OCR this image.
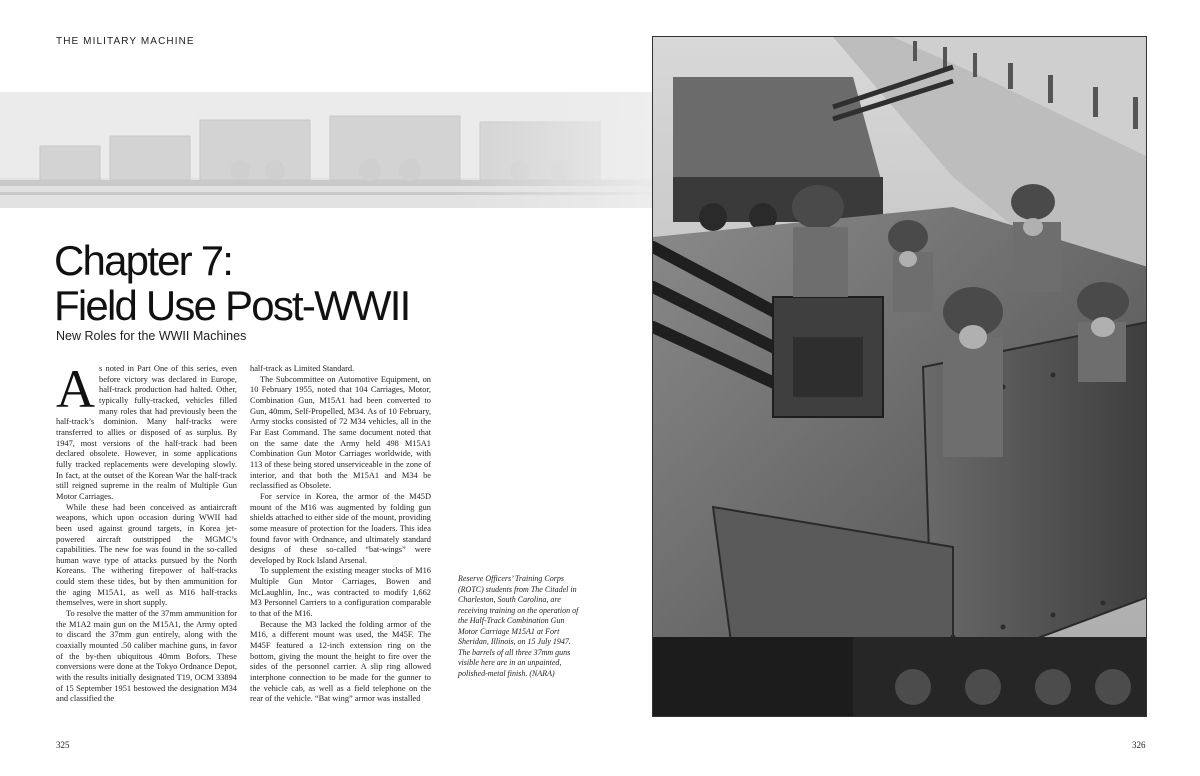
THE MILITARY MACHINE
Chapter 7:
Field Use Post-WWII
New Roles for the WWII Machines

As noted in Part One of this series, even before victory was declared in Europe, half-track production had halted. Other, typically fully-tracked, vehicles filled many roles that had previously been the half-track’s dominion. Many half-tracks were transferred to allies or disposed of as surplus. By 1947, most versions of the half-track had been declared obsolete. However, in some applications fully tracked replacements were developing slowly. In fact, at the outset of the Korean War the half-track still reigned supreme in the realm of Multiple Gun Motor Carriages.

While these had been conceived as antiaircraft weapons, which upon occasion during WWII had been used against ground targets, in Korea jet-powered aircraft outstripped the MGMC’s capabilities. The new foe was found in the so-called human wave type of attacks pursued by the North Koreans. The withering firepower of half-tracks could stem these tides, but by then ammunition for the aging M15A1, as well as M16 half-tracks themselves, were in short supply.

To resolve the matter of the 37mm ammunition for the M1A2 main gun on the M15A1, the Army opted to discard the 37mm gun entirely, along with the coaxially mounted .50 caliber machine guns, in favor of the by-then ubiquitous 40mm Bofors. These conversions were done at the Tokyo Ordnance Depot, with the results initially designated T19, OCM 33894 of 15 September 1951 bestowed the designation M34 and classified the

half-track as Limited Standard.

The Subcommittee on Automotive Equipment, on 10 February 1955, noted that 104 Carriages, Motor, Combination Gun, M15A1 had been converted to Gun, 40mm, Self-Propelled, M34. As of 10 February, Army stocks consisted of 72 M34 vehicles, all in the Far East Command. The same document noted that on the same date the Army held 498 M15A1 Combination Gun Motor Carriages worldwide, with 113 of these being stored unserviceable in the zone of interior, and that both the M15A1 and M34 be reclassified as Obsolete.

For service in Korea, the armor of the M45D mount of the M16 was augmented by folding gun shields attached to either side of the mount, providing some measure of protection for the loaders. This idea found favor with Ordnance, and ultimately standard designs of these so-called “bat-wings” were developed by Rock Island Arsenal.

To supplement the existing meager stocks of M16 Multiple Gun Motor Carriages, Bowen and McLaughlin, Inc., was contracted to modify 1,662 M3 Personnel Carriers to a configuration comparable to that of the M16.

Because the M3 lacked the folding armor of the M16, a different mount was used, the M45F. The M45F featured a 12-inch extension ring on the bottom, giving the mount the height to fire over the sides of the personnel carrier. A slip ring allowed interphone connection to be made for the gunner to the vehicle cab, as well as a field telephone on the rear of the vehicle. “Bat wing” armor was installed

Reserve Officers’ Training Corps (ROTC) students from The Citadel in Charleston, South Carolina, are receiving training on the operation of the Half-Track Combination Gun Motor Carriage M15A1 at Fort Sheridan, Illinois, on 15 July 1947. The barrels of all three 37mm guns visible here are in an unpainted, polished-metal finish. (NARA)
325	326
